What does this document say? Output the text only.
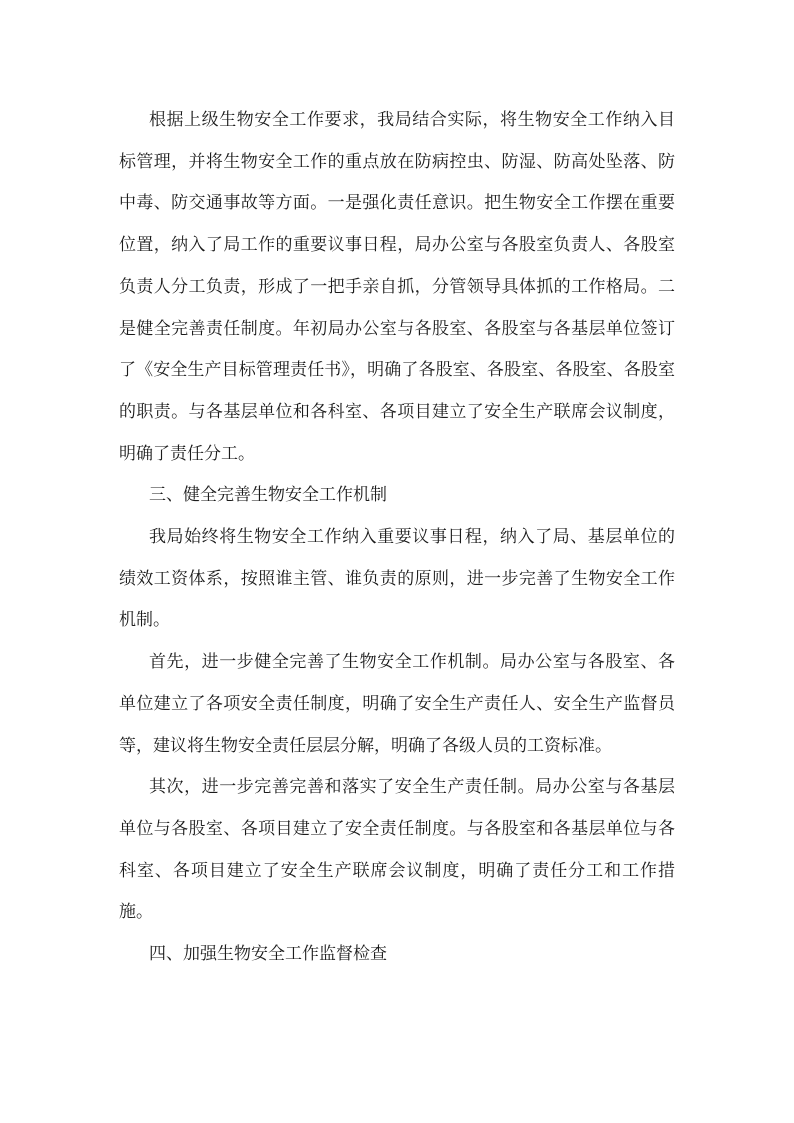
根据上级生物安全工作要求，我局结合实际，将生物安全工作纳入目标管理，并将生物安全工作的重点放在防病控虫、防湿、防高处坠落、防中毒、防交通事故等方面。一是强化责任意识。把生物安全工作摆在重要位置，纳入了局工作的重要议事日程，局办公室与各股室负责人、各股室负责人分工负责，形成了一把手亲自抓，分管领导具体抓的工作格局。二是健全完善责任制度。年初局办公室与各股室、各股室与各基层单位签订了《安全生产目标管理责任书》，明确了各股室、各股室、各股室、各股室的职责。与各基层单位和各科室、各项目建立了安全生产联席会议制度，明确了责任分工。

三、健全完善生物安全工作机制

我局始终将生物安全工作纳入重要议事日程，纳入了局、基层单位的绩效工资体系，按照谁主管、谁负责的原则，进一步完善了生物安全工作机制。

首先，进一步健全完善了生物安全工作机制。局办公室与各股室、各单位建立了各项安全责任制度，明确了安全生产责任人、安全生产监督员等，建议将生物安全责任层层分解，明确了各级人员的工资标准。

其次，进一步完善完善和落实了安全生产责任制。局办公室与各基层单位与各股室、各项目建立了安全责任制度。与各股室和各基层单位与各科室、各项目建立了安全生产联席会议制度，明确了责任分工和工作措施。

四、加强生物安全工作监督检查
